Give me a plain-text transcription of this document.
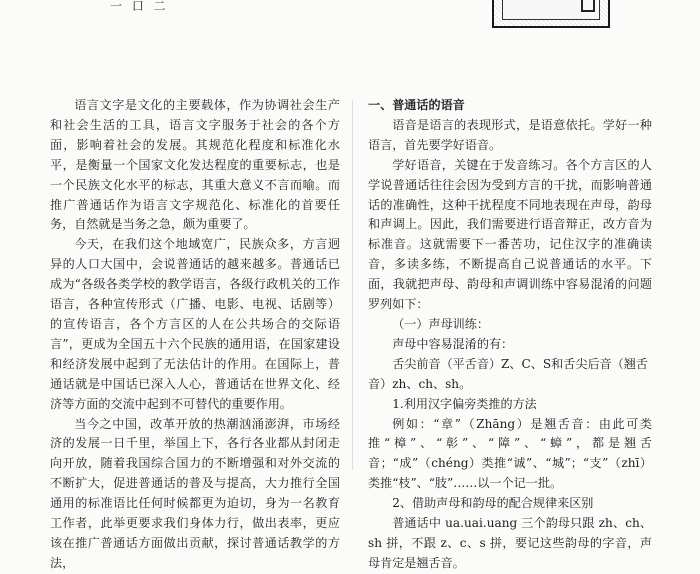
一 口 二

语言文字是文化的主要载体，作为协调社会生产和社会生活的工具，语言文字服务于社会的各个方面，影响着社会的发展。其规范化程度和标准化水平，是衡量一个国家文化发达程度的重要标志，也是一个民族文化水平的标志，其重大意义不言而喻。而推广普通话作为语言文字规范化、标准化的首要任务，自然就是当务之急，颇为重要了。

今天，在我们这个地域宽广，民族众多，方言迥异的人口大国中，会说普通话的越来越多。普通话已成为“各级各类学校的教学语言，各级行政机关的工作语言，各种宣传形式（广播、电影、电视、话剧等）的宣传语言，各个方言区的人在公共场合的交际语言”，更成为全国五十六个民族的通用语，在国家建设和经济发展中起到了无法估计的作用。在国际上，普通话就是中国话已深入人心，普通话在世界文化、经济等方面的交流中起到不可替代的重要作用。

当今之中国，改革开放的热潮汹涌澎湃，市场经济的发展一日千里，举国上下，各行各业都从封闭走向开放，随着我国综合国力的不断增强和对外交流的不断扩大，促进普通话的普及与提高，大力推行全国通用的标准语比任何时候都更为迫切，身为一名教育工作者，此举更要求我们身体力行，做出表率，更应该在推广普通话方面做出贡献，探讨普通话教学的方法，

一、普通话的语音

语音是语言的表现形式，是语意依托。学好一种语言，首先要学好语音。

学好语音，关键在于发音练习。各个方言区的人学说普通话往往会因为受到方言的干扰，而影响普通话的准确性，这种干扰程度不同地表现在声母，韵母和声调上。因此，我们需要进行语音辩正，改方音为标准音。这就需要下一番苦功，记住汉字的准确读音，多读多练，不断提高自己说普通话的水平。下面，我就把声母、韵母和声调训练中容易混淆的问题罗列如下：

（一）声母训练：

声母中容易混淆的有：

舌尖前音（平舌音）Z、C、S和舌尖后音（翘舌音）zh、ch、sh。

1.利用汉字偏旁类推的方法

例如：“章”（Zhāng）是翘舌音：由此可类推“樟”、“彰”、“障”、“蟑”，都是翘舌音；“成”（chéng）类推“诚”、“城”；“支”（zhī）类推“枝”、“肢”……以一个记一批。

2、借助声母和韵母的配合规律来区别

普通话中 ua.uai.uang 三个韵母只跟 zh、ch、sh 拼，不跟 z、c、s 拼，要记这些韵母的字音，声母肯定是翘舌音。
